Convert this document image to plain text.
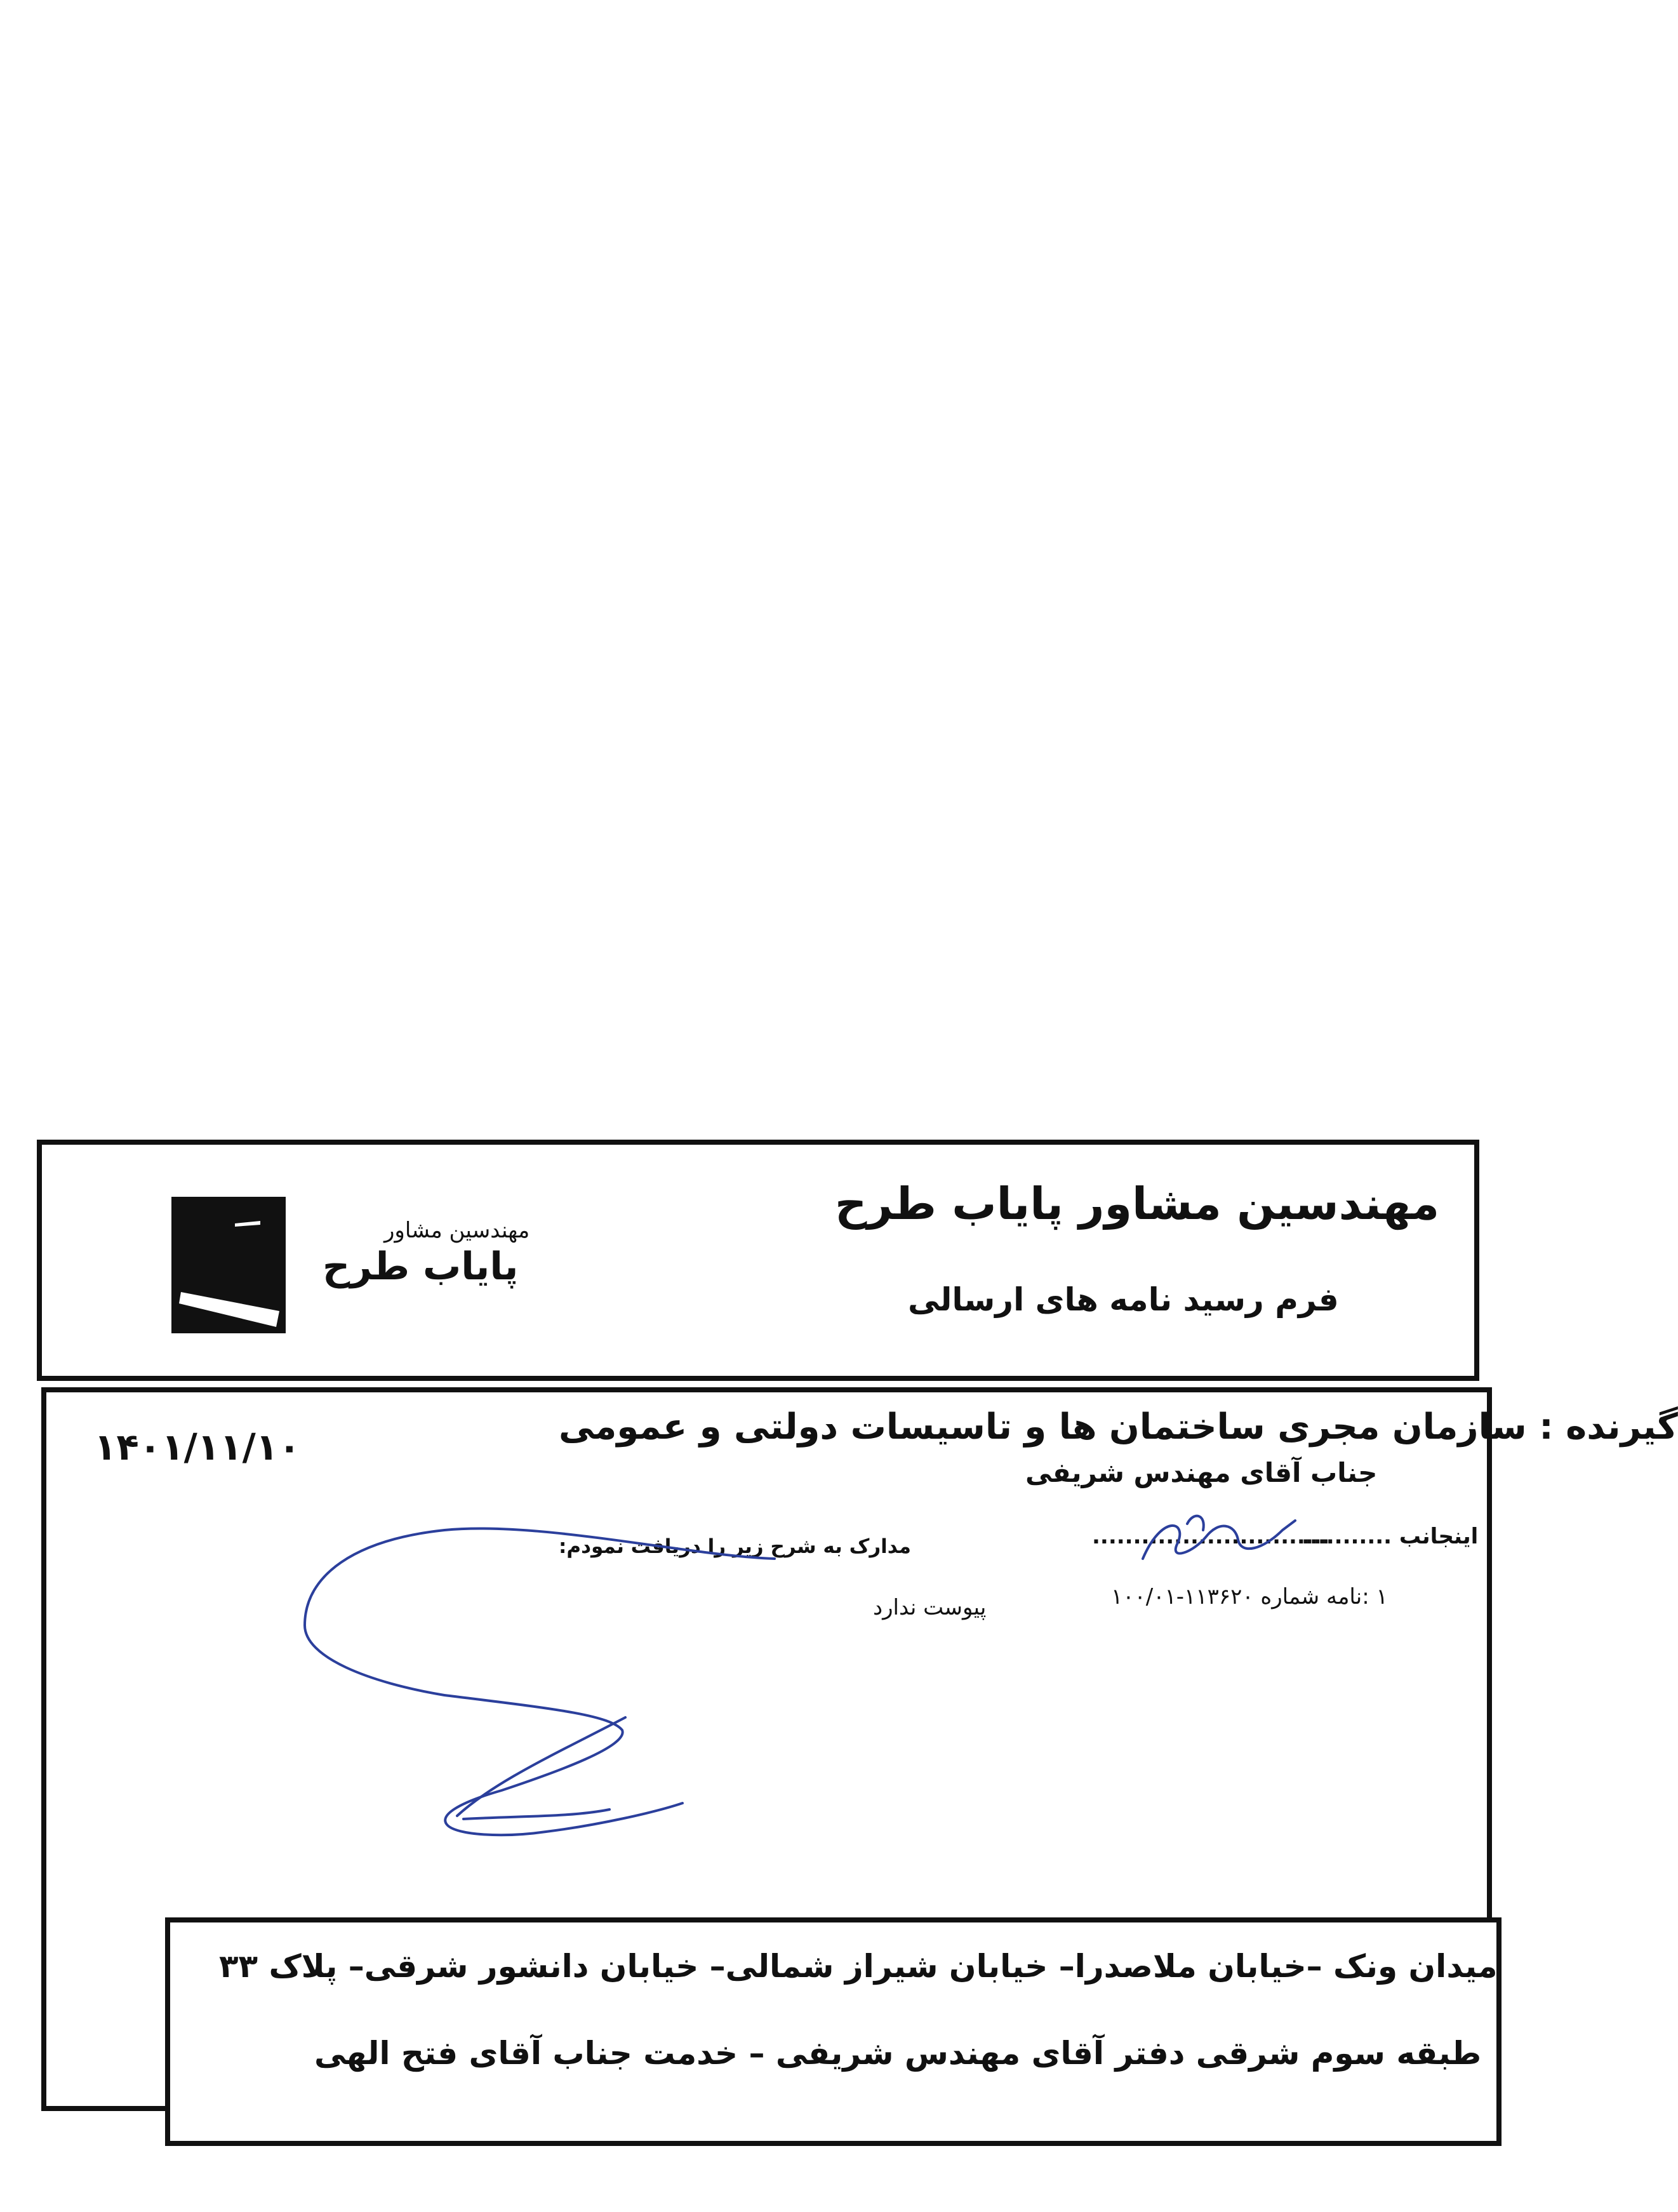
مهندسین مشاور
پایاب طرح
مهندسین مشاور پایاب طرح
فرم رسید نامه های ارسالی
۱۴۰۱/۱۱/۱۰	گیرنده : سازمان مجری ساختمان ها و تاسیسات دولتی و عمومی
جناب آقای مهندس شریفی
اینجانب ...........
.............................
مدارک به شرح زیر را دریافت نمودم:
۱ :نامه شماره ۱۱۳۶۲۰-۱۰۰/۰۱
پیوست ندارد
میدان ونک –خیابان ملاصدرا– خیابان شیراز شمالی– خیابان دانشور شرقی– پلاک ۳۳
طبقه سوم شرقی دفتر آقای مهندس شریفی – خدمت جناب آقای فتح الهی
